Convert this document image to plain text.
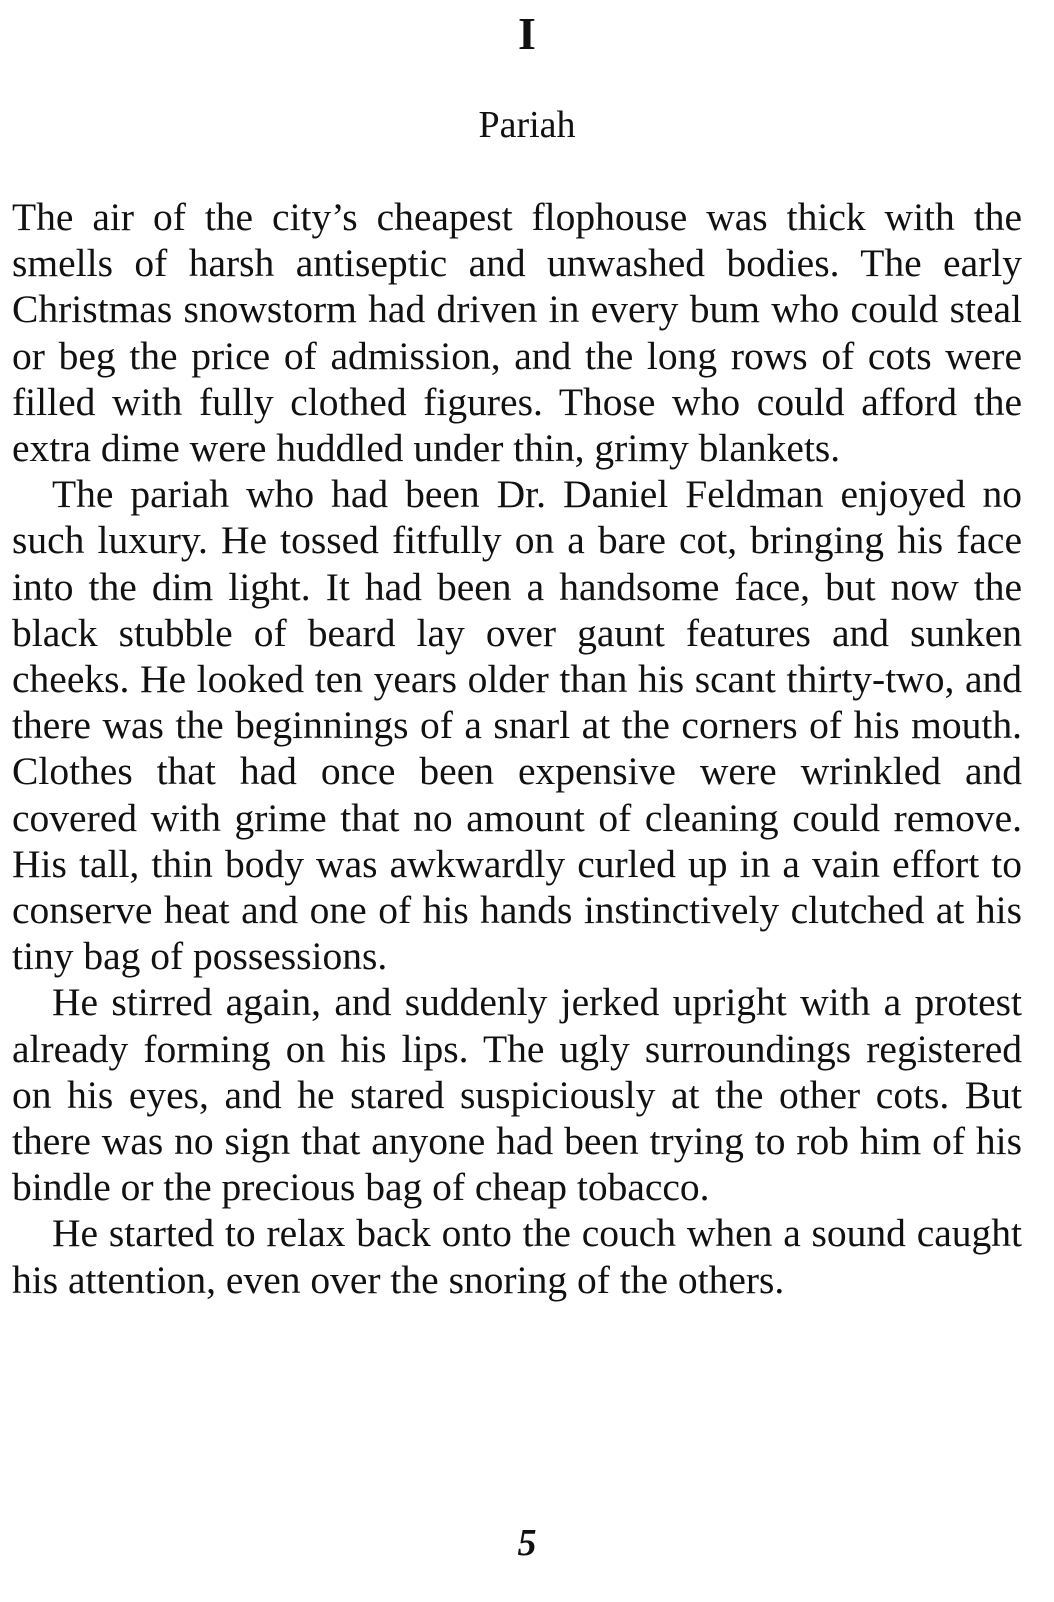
I
Pariah

The air of the city’s cheapest flophouse was thick with the smells of harsh antiseptic and unwashed bodies. The early Christmas snowstorm had driven in every bum who could steal or beg the price of admission, and the long rows of cots were filled with fully clothed figures. Those who could afford the extra dime were huddled under thin, grimy blankets.

The pariah who had been Dr. Daniel Feldman enjoyed no such luxury. He tossed fitfully on a bare cot, bringing his face into the dim light. It had been a handsome face, but now the black stubble of beard lay over gaunt features and sunken cheeks. He looked ten years older than his scant thirty-two, and there was the beginnings of a snarl at the corners of his mouth. Clothes that had once been expensive were wrinkled and covered with grime that no amount of cleaning could remove. His tall, thin body was awkwardly curled up in a vain effort to conserve heat and one of his hands instinctively clutched at his tiny bag of possessions.

He stirred again, and suddenly jerked upright with a protest already forming on his lips. The ugly surroundings registered on his eyes, and he stared suspiciously at the other cots. But there was no sign that anyone had been trying to rob him of his bindle or the precious bag of cheap tobacco.

He started to relax back onto the couch when a sound caught his attention, even over the snoring of the others.

5
